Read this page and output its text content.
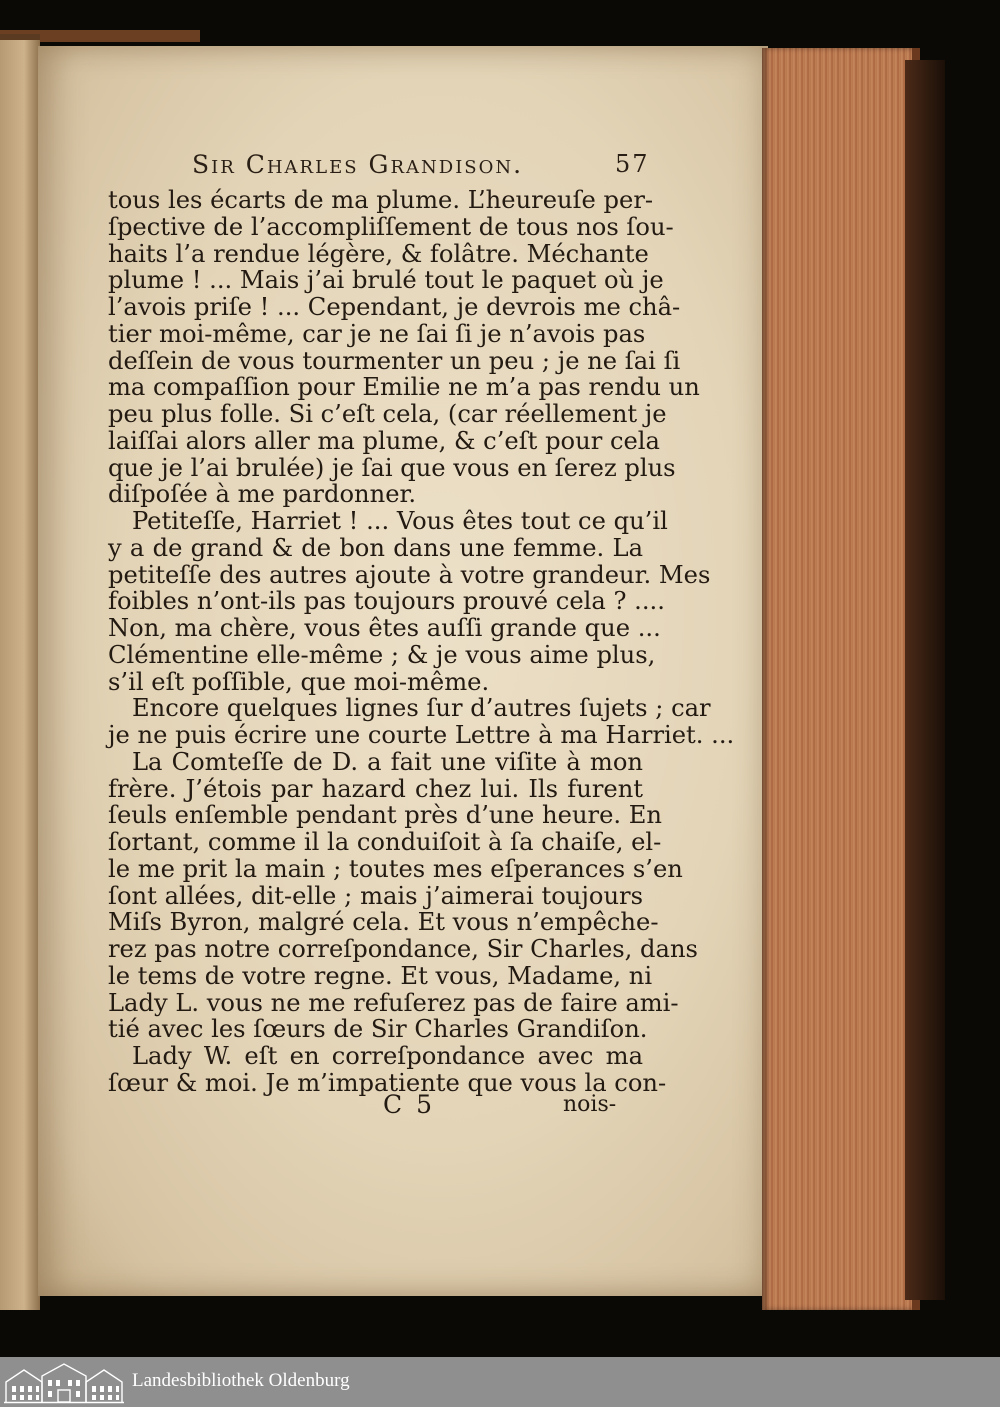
Sir Charles Grandison.	57
tous les écarts de ma plume. L’heureuſe per-
ſpective de l’accompliſſement de tous nos ſou-
haits l’a rendue légère, & folâtre. Méchante
plume ! ... Mais j’ai brulé tout le paquet où je
l’avois priſe ! ... Cependant, je devrois me châ-
tier moi-même, car je ne ſai ſi je n’avois pas
deſſein de vous tourmenter un peu ; je ne ſai ſi
ma compaſſion pour Emilie ne m’a pas rendu un
peu plus folle. Si c’eſt cela, (car réellement je
laiſſai alors aller ma plume, & c’eſt pour cela
que je l’ai brulée) je ſai que vous en ſerez plus
diſpoſée à me pardonner.
Petiteſſe, Harriet ! ... Vous êtes tout ce qu’il
y a de grand & de bon dans une femme. La
petiteſſe des autres ajoute à votre grandeur. Mes
foibles n’ont-ils pas toujours prouvé cela ? ....
Non, ma chère, vous êtes auſſi grande que ...
Clémentine elle-même ; & je vous aime plus,
s’il eſt poſſible, que moi-même.
Encore quelques lignes ſur d’autres ſujets ; car
je ne puis écrire une courte Lettre à ma Harriet. ...
La Comteſſe de D. a fait une viſite à mon
frère. J’étois par hazard chez lui. Ils furent
ſeuls enſemble pendant près d’une heure. En
ſortant, comme il la conduiſoit à ſa chaiſe, el-
le me prit la main ; toutes mes eſperances s’en
ſont allées, dit-elle ; mais j’aimerai toujours
Miſs Byron, malgré cela. Et vous n’empêche-
rez pas notre correſpondance, Sir Charles, dans
le tems de votre regne. Et vous, Madame, ni
Lady L. vous ne me refuſerez pas de faire ami-
tié avec les ſœurs de Sir Charles Grandiſon.
Lady W. eſt en correſpondance avec ma
ſœur & moi. Je m’impatiente que vous la con-
C 5	nois-
Landesbibliothek Oldenburg
